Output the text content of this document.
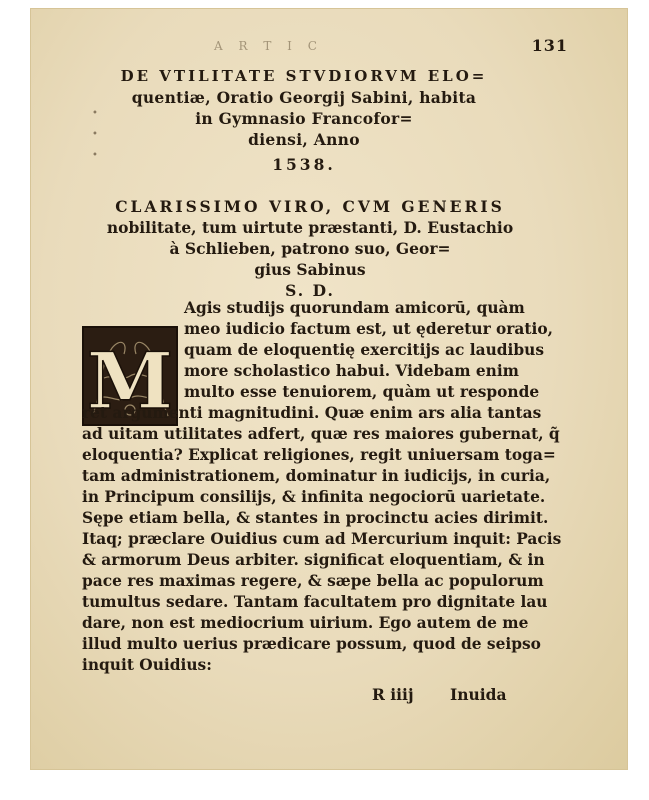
A R T I C	131
DE VTILITATE STVDIORVM ELO=
quentiæ, Oratio Georgij Sabini, habita
in Gymnasio Francofor=
diensi, Anno
1538.
CLARISSIMO VIRO, CVM GENERIS
nobilitate, tum uirtute præstanti, D. Eustachio
à Schlieben, patrono suo, Geor=
gius Sabinus
S. D.
M
Agis studijs quorundam amicorū, quàm
meo iudicio factum est, ut ęderetur oratio,
quam de eloquentię exercitijs ac laudibus
more scholastico habui. Videbam enim
multo esse tenuiorem, quàm ut responde
ret argumenti magnitudini. Quæ enim ars alia tantas
ad uitam utilitates adfert, quæ res maiores gubernat, q̃
eloquentia? Explicat religiones, regit uniuersam toga=
tam administrationem, dominatur in iudicijs, in curia,
in Principum consilijs, & infinita negociorū uarietate.
Sępe etiam bella, & stantes in procinctu acies dirimit.
Itaq; præclare Ouidius cum ad Mercurium inquit: Pacis
& armorum Deus arbiter. significat eloquentiam, & in
pace res maximas regere, & sæpe bella ac populorum
tumultus sedare. Tantam facultatem pro dignitate lau
dare, non est mediocrium uirium. Ego autem de me
illud multo uerius prædicare possum, quod de seipso
inquit Ouidius:
R iiij Inuida
•
•
•
